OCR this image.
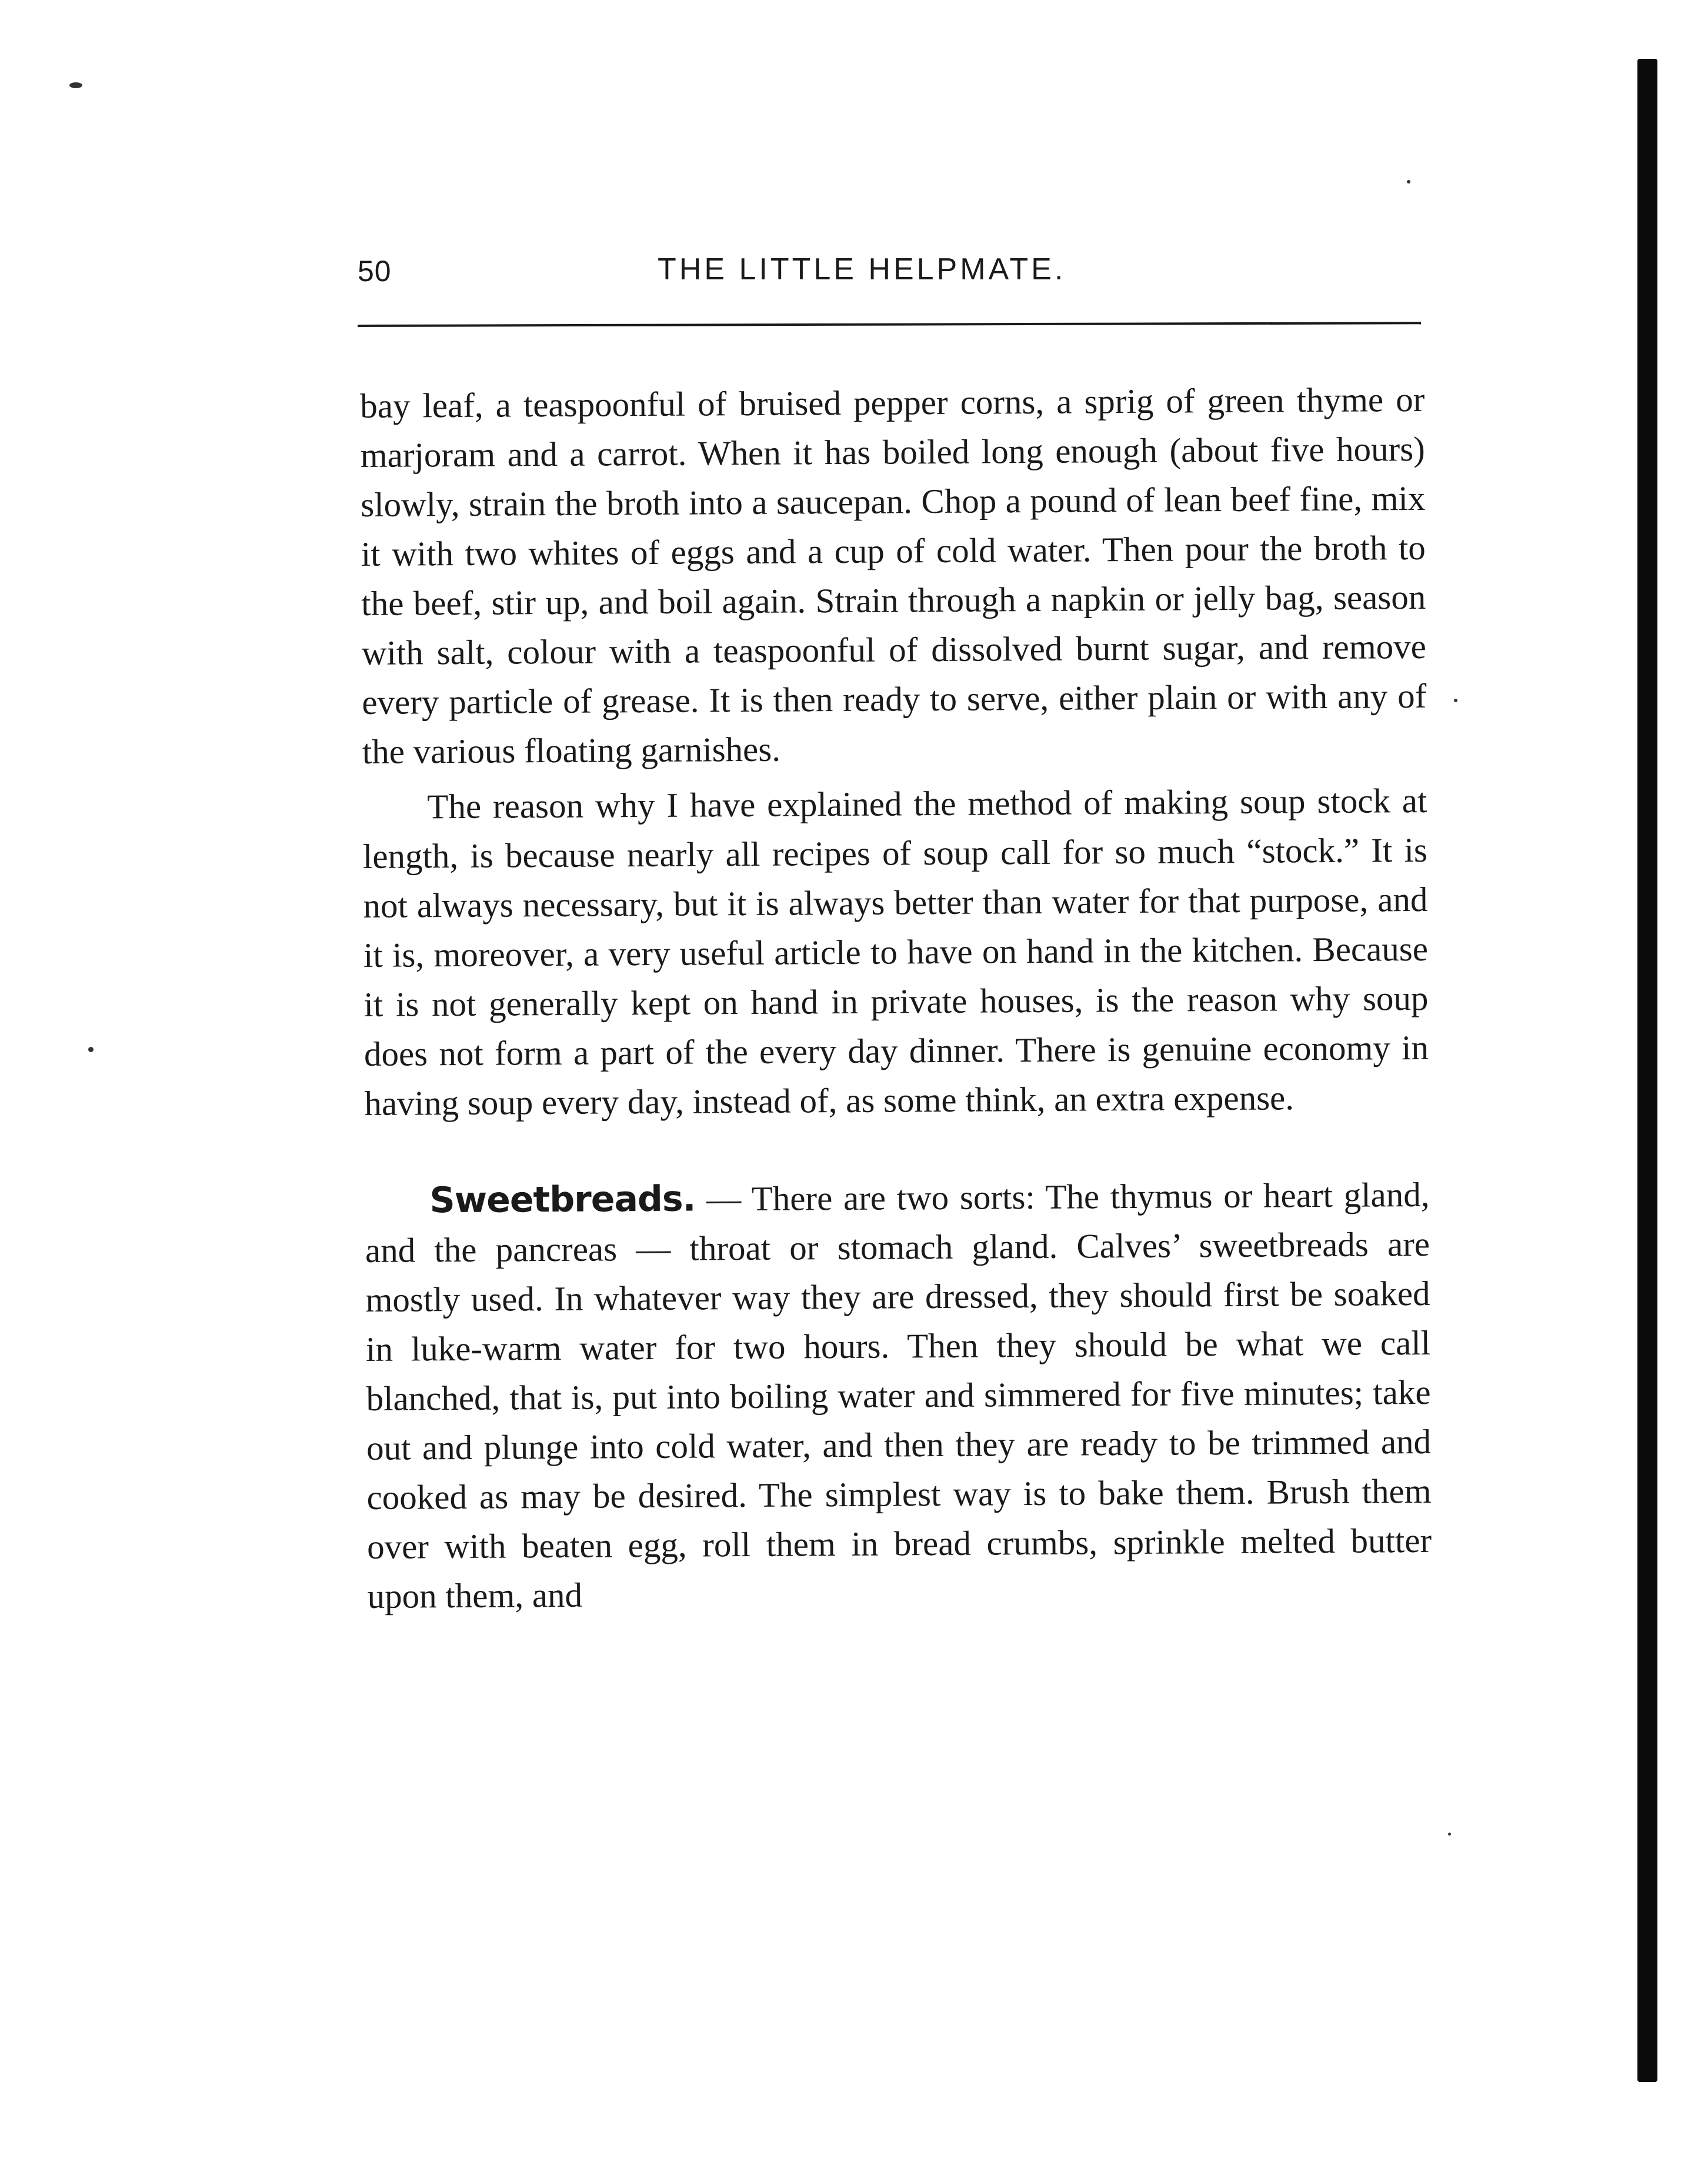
50	THE LITTLE HELPMATE.

bay leaf, a teaspoonful of bruised pepper corns, a sprig of green thyme or marjoram and a carrot. When it has boiled long enough (about five hours) slowly, strain the broth into a saucepan. Chop a pound of lean beef fine, mix it with two whites of eggs and a cup of cold water. Then pour the broth to the beef, stir up, and boil again. Strain through a napkin or jelly bag, season with salt, colour with a teaspoonful of dissolved burnt sugar, and remove every particle of grease. It is then ready to serve, either plain or with any of the various floating garnishes.

The reason why I have explained the method of making soup stock at length, is because nearly all recipes of soup call for so much “stock.” It is not always necessary, but it is always better than water for that purpose, and it is, moreover, a very useful article to have on hand in the kitchen. Because it is not generally kept on hand in private houses, is the reason why soup does not form a part of the every day dinner. There is genuine economy in having soup every day, instead of, as some think, an extra expense.

Sweetbreads. — There are two sorts: The thymus or heart gland, and the pancreas — throat or stomach gland. Calves’ sweetbreads are mostly used. In whatever way they are dressed, they should first be soaked in luke-warm water for two hours. Then they should be what we call blanched, that is, put into boiling water and simmered for five minutes; take out and plunge into cold water, and then they are ready to be trimmed and cooked as may be desired. The simplest way is to bake them. Brush them over with beaten egg, roll them in bread crumbs, sprinkle melted butter upon them, and
